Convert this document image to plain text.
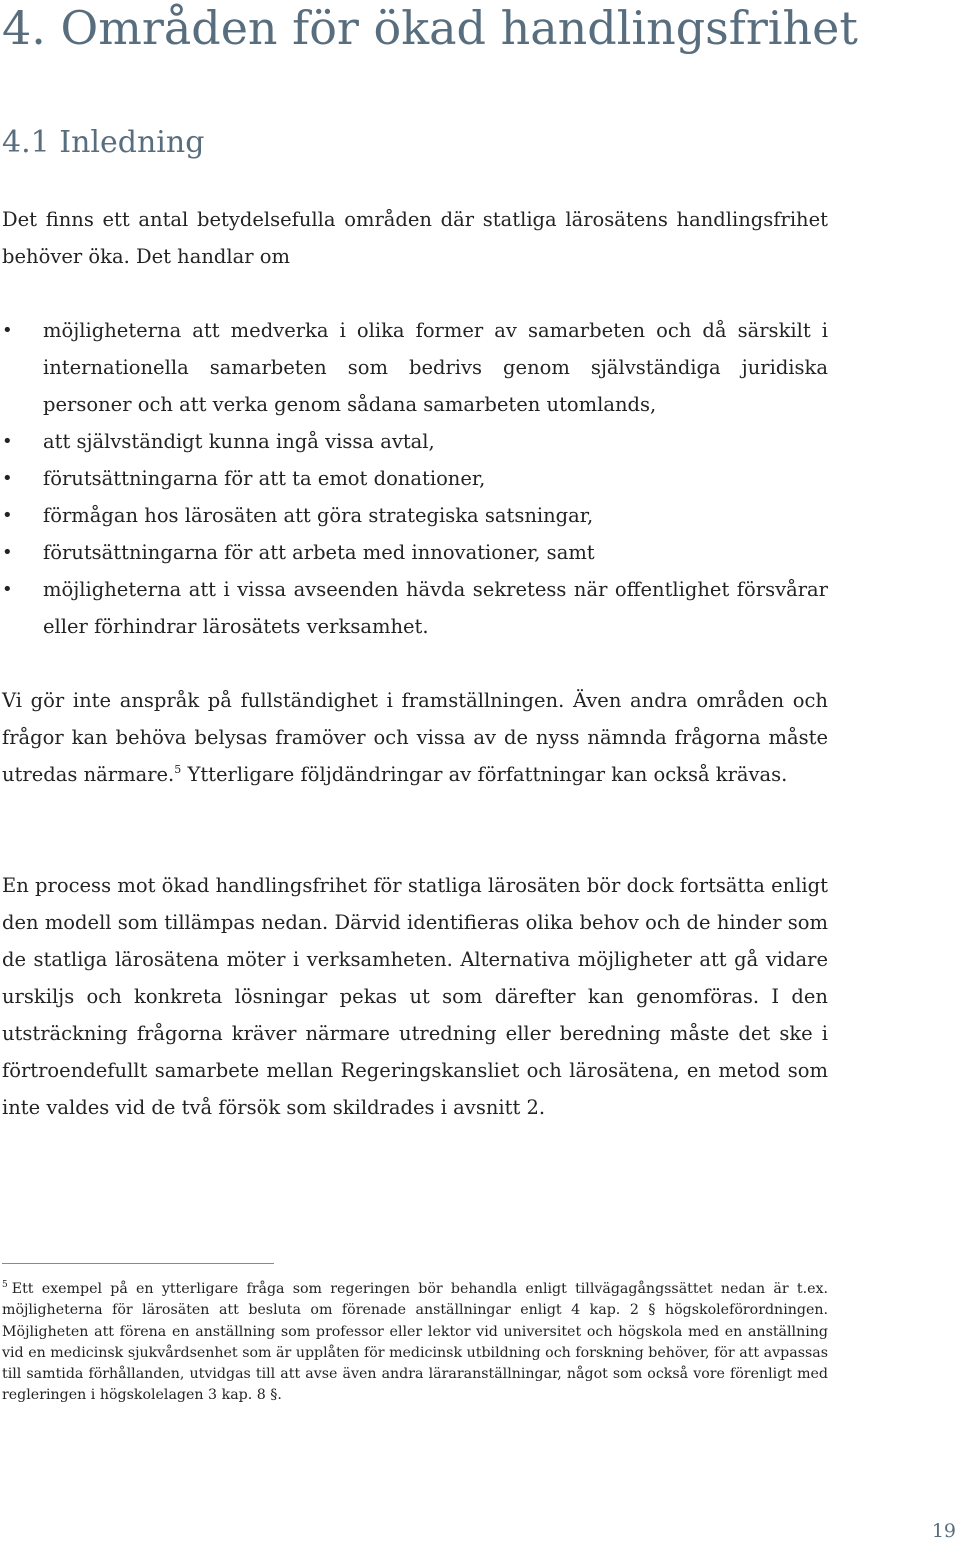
4. Områden för ökad handlingsfrihet
4.1 Inledning

Det finns ett antal betydelsefulla områden där statliga lärosätens handlingsfrihet behöver öka. Det handlar om

• möjligheterna att medverka i olika former av samarbeten och då särskilt i internationella samarbeten som bedrivs genom självständiga juridiska personer och att verka genom sådana samarbeten utomlands,
• att självständigt kunna ingå vissa avtal,
• förutsättningarna för att ta emot donationer,
• förmågan hos lärosäten att göra strategiska satsningar,
• förutsättningarna för att arbeta med innovationer, samt
• möjligheterna att i vissa avseenden hävda sekretess när offentlighet försvårar eller förhindrar lärosätets verksamhet.

Vi gör inte anspråk på fullständighet i framställningen. Även andra områden och frågor kan behöva belysas framöver och vissa av de nyss nämnda frågorna måste utredas närmare.$^5$ Ytterligare följdändringar av författningar kan också krävas.

En process mot ökad handlingsfrihet för statliga lärosäten bör dock fortsätta enligt den modell som tillämpas nedan. Därvid identifieras olika behov och de hinder som de statliga lärosätena möter i verksamheten. Alternativa möjligheter att gå vidare urskiljs och konkreta lösningar pekas ut som därefter kan genomföras. I den utsträckning frågorna kräver närmare utredning eller beredning måste det ske i förtroendefullt samarbete mellan Regeringskansliet och lärosätena, en metod som inte valdes vid de två försök som skildrades i avsnitt 2.

$^5$ Ett exempel på en ytterligare fråga som regeringen bör behandla enligt tillvägagångssättet nedan är t.ex. möjligheterna för lärosäten att besluta om förenade anställningar enligt 4 kap. 2 § högskoleförordningen. Möjligheten att förena en anställning som professor eller lektor vid universitet och högskola med en anställning vid en medicinsk sjukvårdsenhet som är upplåten för medicinsk utbildning och forskning behöver, för att avpassas till samtida förhållanden, utvidgas till att avse även andra läraranställningar, något som också vore förenligt med regleringen i högskolelagen 3 kap. 8 §.

19
